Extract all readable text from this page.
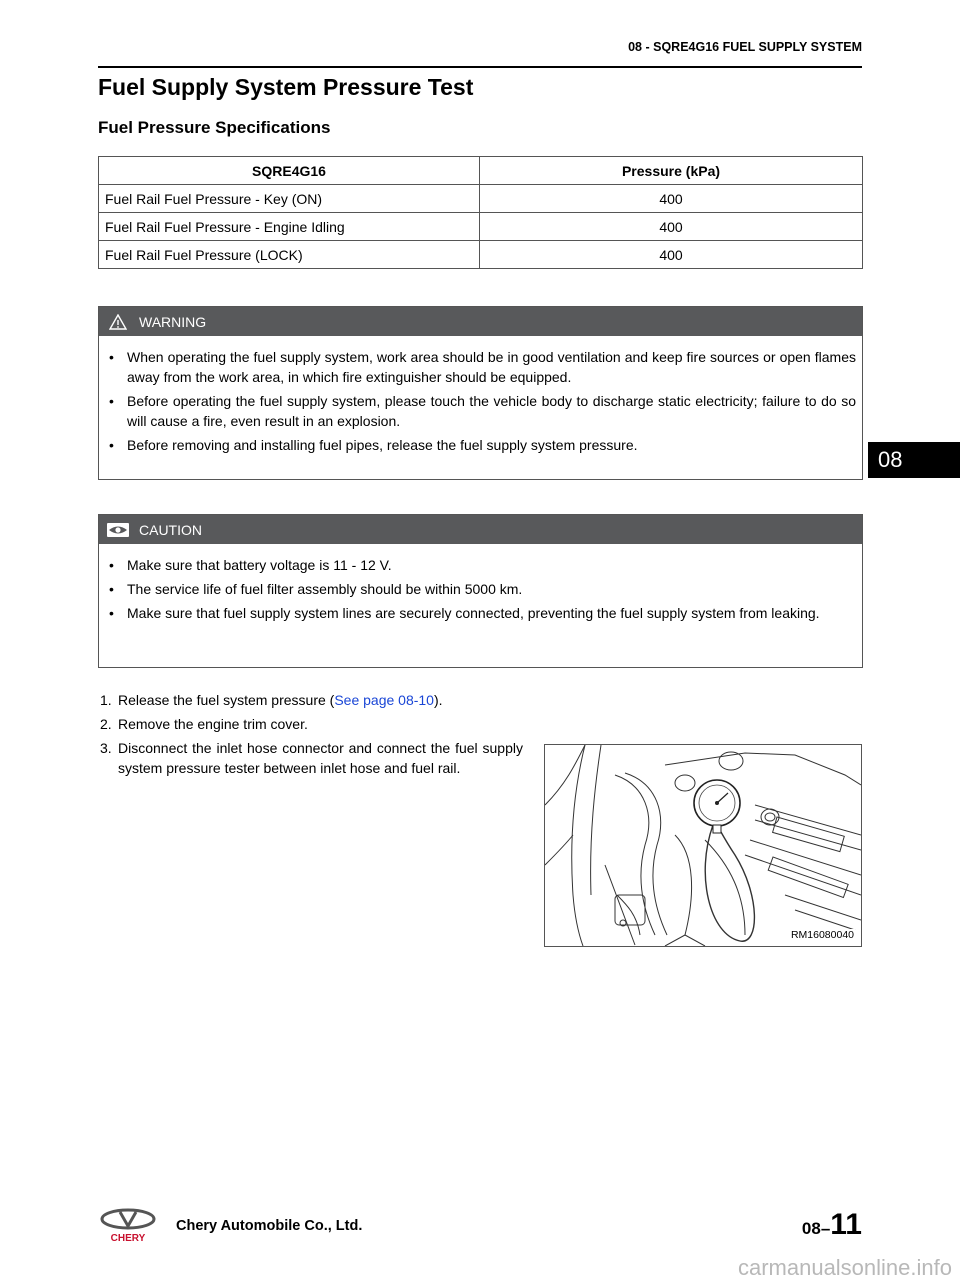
08 - SQRE4G16 FUEL SUPPLY SYSTEM
Fuel Supply System Pressure Test
Fuel Pressure Specifications
SQRE4G16	Pressure (kPa)
Fuel Rail Fuel Pressure - Key (ON)	400
Fuel Rail Fuel Pressure - Engine Idling	400
Fuel Rail Fuel Pressure (LOCK)	400
WARNING
• When operating the fuel supply system, work area should be in good ventilation and keep fire sources or open flames away from the work area, in which fire extinguisher should be equipped.
• Before operating the fuel supply system, please touch the vehicle body to discharge static electricity; failure to do so will cause a fire, even result in an explosion.
• Before removing and installing fuel pipes, release the fuel supply system pressure.
CAUTION
• Make sure that battery voltage is 11 - 12 V.
• The service life of fuel filter assembly should be within 5000 km.
• Make sure that fuel supply system lines are securely connected, preventing the fuel supply system from leaking.
1. Release the fuel system pressure (See page 08-10).
2. Remove the engine trim cover.
3. Disconnect the inlet hose connector and connect the fuel supply system pressure tester between inlet hose and fuel rail.
RM16080040
08
CHERY
Chery Automobile Co., Ltd.	08–11
carmanualsonline.info
